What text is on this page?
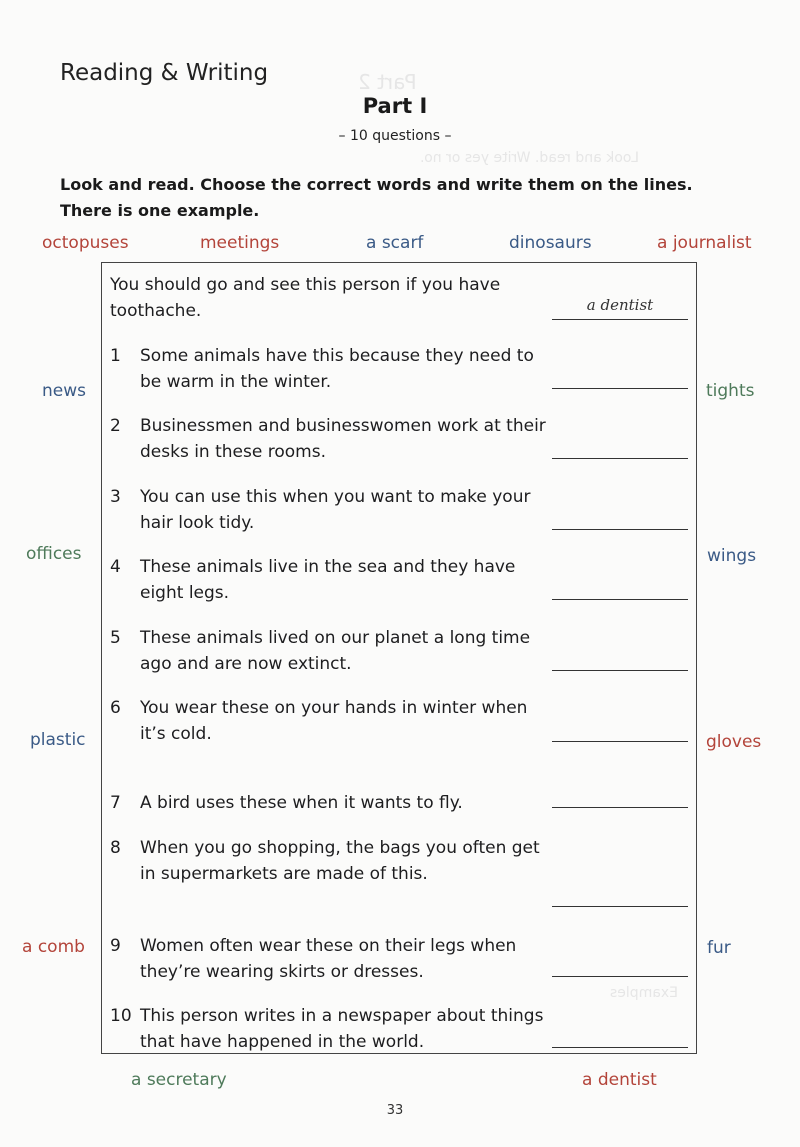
Part 2
Look and read. Write yes or no.
Examples
Reading & Writing
Part I
– 10 questions –
Look and read. Choose the correct words and write them on the lines.
There is one example.
octopuses	meetings	a scarf	dinosaurs	a journalist
news	tights
offices	wings
plastic	gloves
a comb	fur
a secretary	a dentist
You should go and see this person if you have toothache.	a dentist
1	Some animals have this because they need to be warm in the winter.
2	Businessmen and businesswomen work at their desks in these rooms.
3	You can use this when you want to make your hair look tidy.
4	These animals live in the sea and they have eight legs.
5	These animals lived on our planet a long time ago and are now extinct.
6	You wear these on your hands in winter when it’s cold.
7	A bird uses these when it wants to fly.
8	When you go shopping, the bags you often get in supermarkets are made of this.
9	Women often wear these on their legs when they’re wearing skirts or dresses.
10 This person writes in a newspaper about things that have happened in the world.
33
